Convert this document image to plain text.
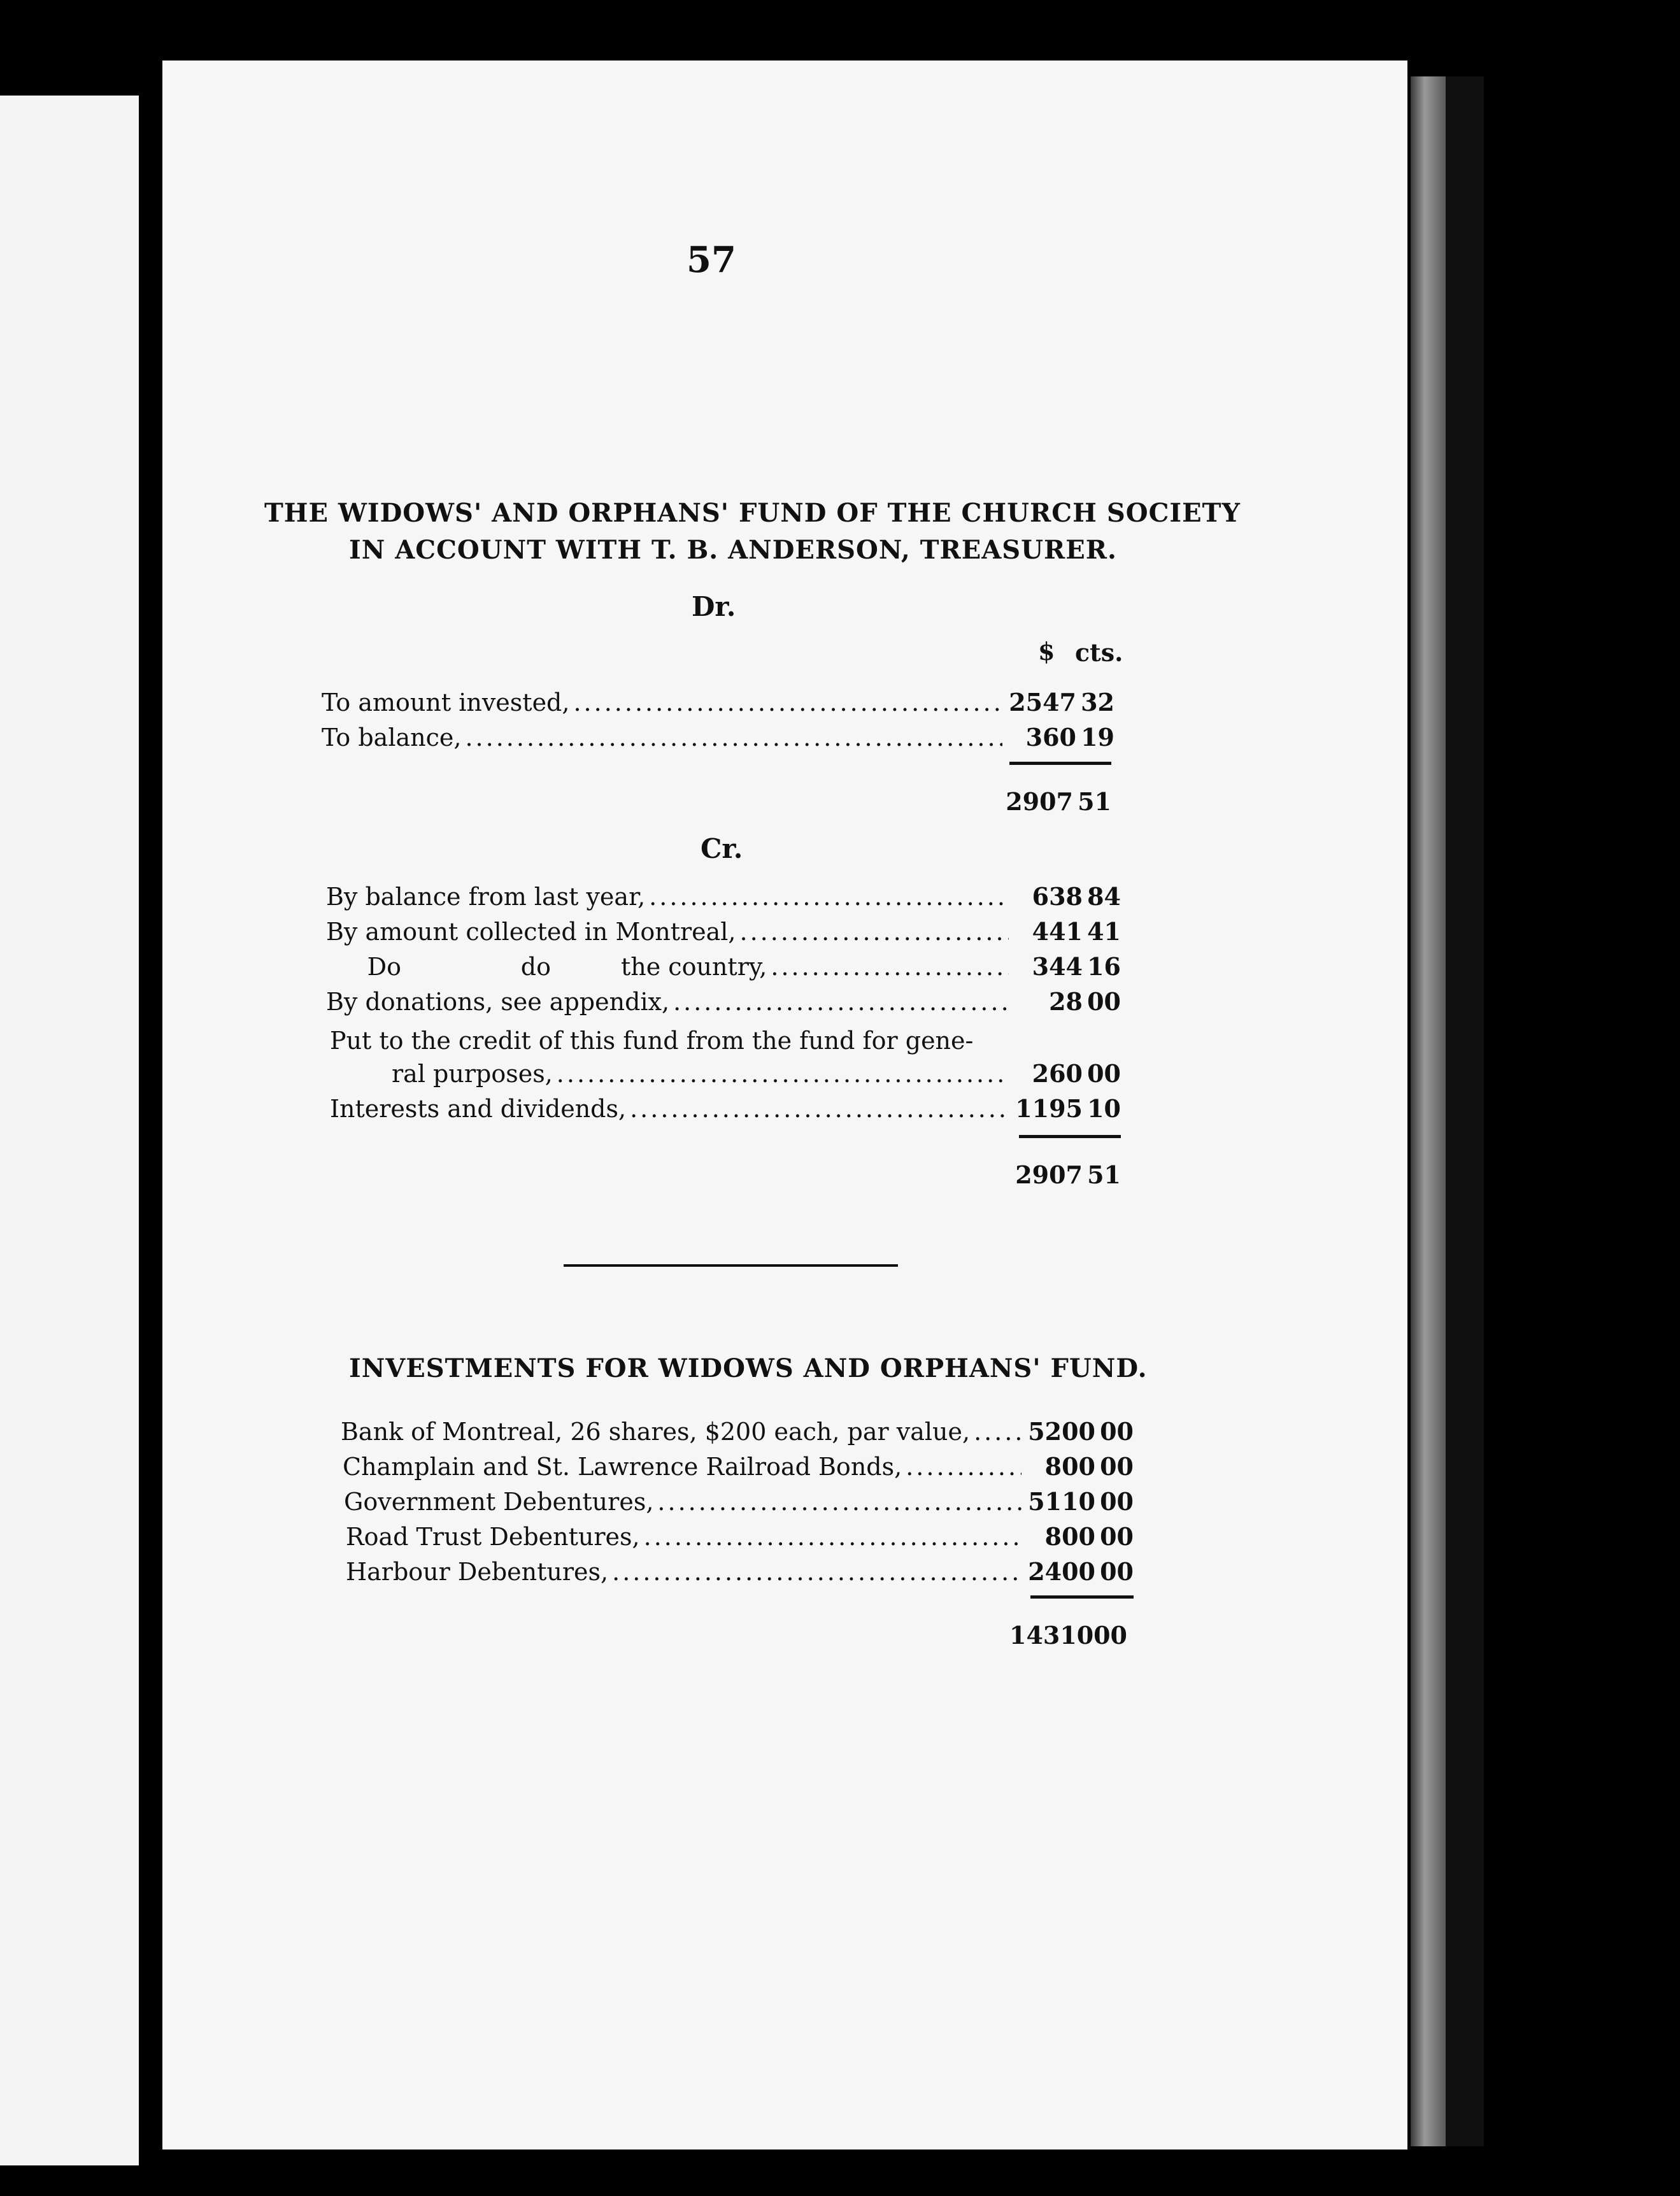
57
THE WIDOWS' AND ORPHANS' FUND OF THE CHURCH SOCIETY
IN ACCOUNT WITH T. B. ANDERSON, TREASURER.
Dr.
$ cts.
To amount invested, .....	2547 32
To balance, .....	360 19
2907 51
Cr.
By balance from last year, .....	638 84
By amount collected in Montreal, .....	441 41
Do	do	the country, .....	344 16
By donations, see appendix, .....	28 00
Put to the credit of this fund from the fund for gene-
ral purposes, .....	260 00
Interests and dividends, .....	1195 10
2907 51
INVESTMENTS FOR WIDOWS AND ORPHANS' FUND.
Bank of Montreal, 26 shares, $200 each, par value, ..... 5200 00
Champlain and St. Lawrence Railroad Bonds, .....	800 00
Government Debentures, .....	5110 00
Road Trust Debentures, .....	800 00
Harbour Debentures, .....	2400 00
14310 00
